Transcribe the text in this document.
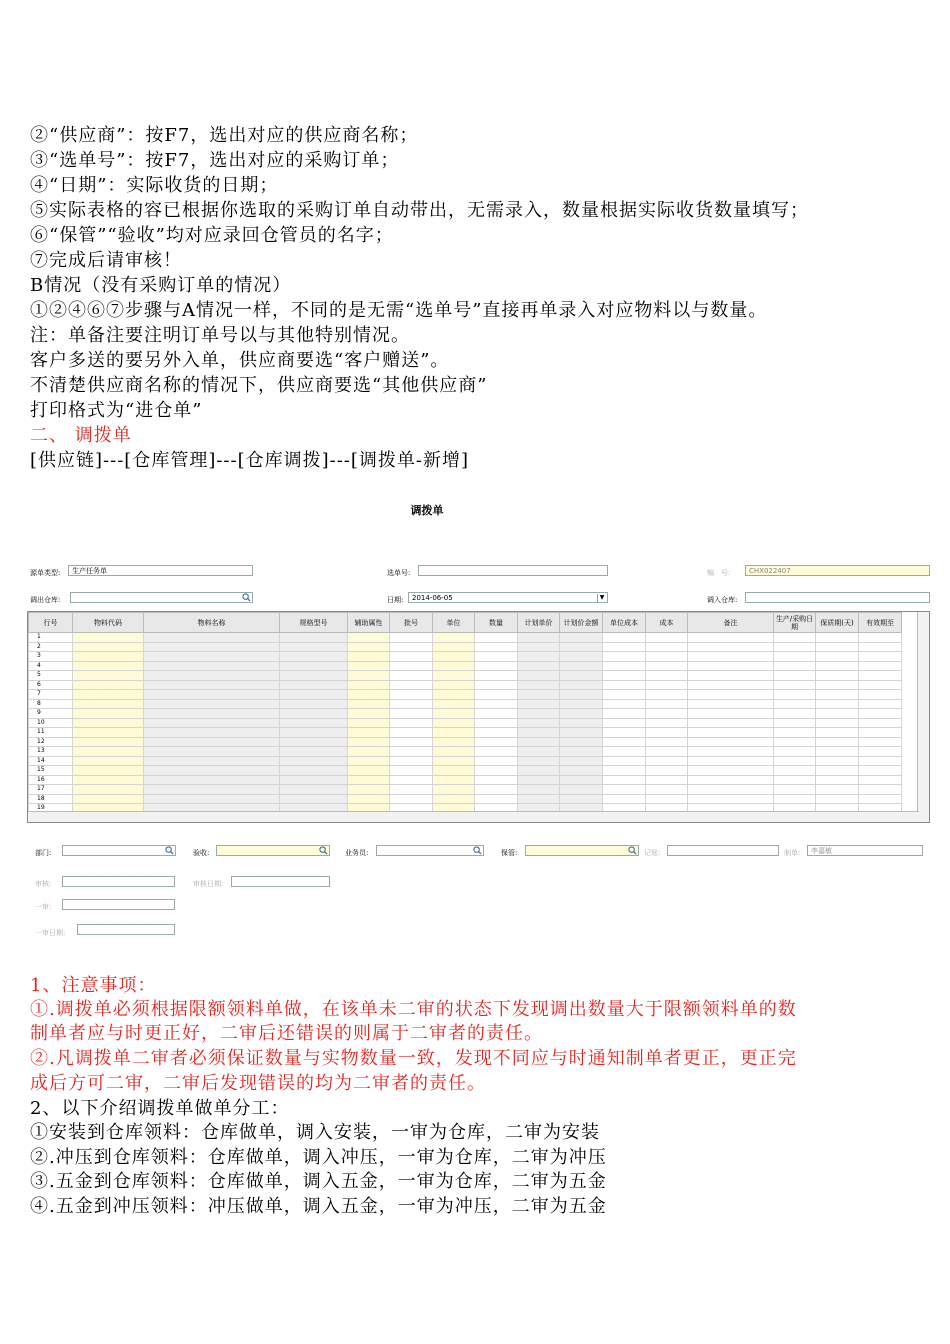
②“供应商”：按F7，选出对应的供应商名称；
③“选单号”：按F7，选出对应的采购订单；
④“日期”：实际收货的日期；
⑤实际表格的容已根据你选取的采购订单自动带出，无需录入，数量根据实际收货数量填写；
⑥“保管”“验收”均对应录回仓管员的名字；
⑦完成后请审核！
B情况（没有采购订单的情况）
①②④⑥⑦步骤与A情况一样，不同的是无需“选单号”直接再单录入对应物料以与数量。
注：单备注要注明订单号以与其他特别情况。
客户多送的要另外入单，供应商要选“客户赠送”。
不清楚供应商名称的情况下，供应商要选“其他供应商”
打印格式为“进仓单”
二、 调拨单
[供应链]---[仓库管理]---[仓库调拨]---[调拨单-新增]
调拨单
源单类型:	生产任务单	选单号:	编　号:	CHX022407
调出仓库:	日期:	2014-06-05	▼	调入仓库:
行号	物料代码	物料名称	规格型号	辅助属性	批号	单位	数量	计划单价	计划价金额	单位成本	成本	备注	生产/采购日期	保质期(天)	有效期至
1															
2															
3															
4															
5															
6															
7															
8															
9															
10															
11															
12															
13															
14															
15															
16															
17															
18															
19															
部门:	验收:	业务员:	保管:	记账:	制单:	李嘉敏
审核:	审核日期:
一审:
一审日期:
1、注意事项：
①.调拨单必须根据限额领料单做，在该单未二审的状态下发现调出数量大于限额领料单的数
制单者应与时更正好，二审后还错误的则属于二审者的责任。
②.凡调拨单二审者必须保证数量与实物数量一致，发现不同应与时通知制单者更正，更正完
成后方可二审，二审后发现错误的均为二审者的责任。
2、以下介绍调拨单做单分工：
①安装到仓库领料：仓库做单，调入安装，一审为仓库，二审为安装
②.冲压到仓库领料：仓库做单，调入冲压，一审为仓库，二审为冲压
③.五金到仓库领料：仓库做单，调入五金，一审为仓库，二审为五金
④.五金到冲压领料：冲压做单，调入五金，一审为冲压，二审为五金
